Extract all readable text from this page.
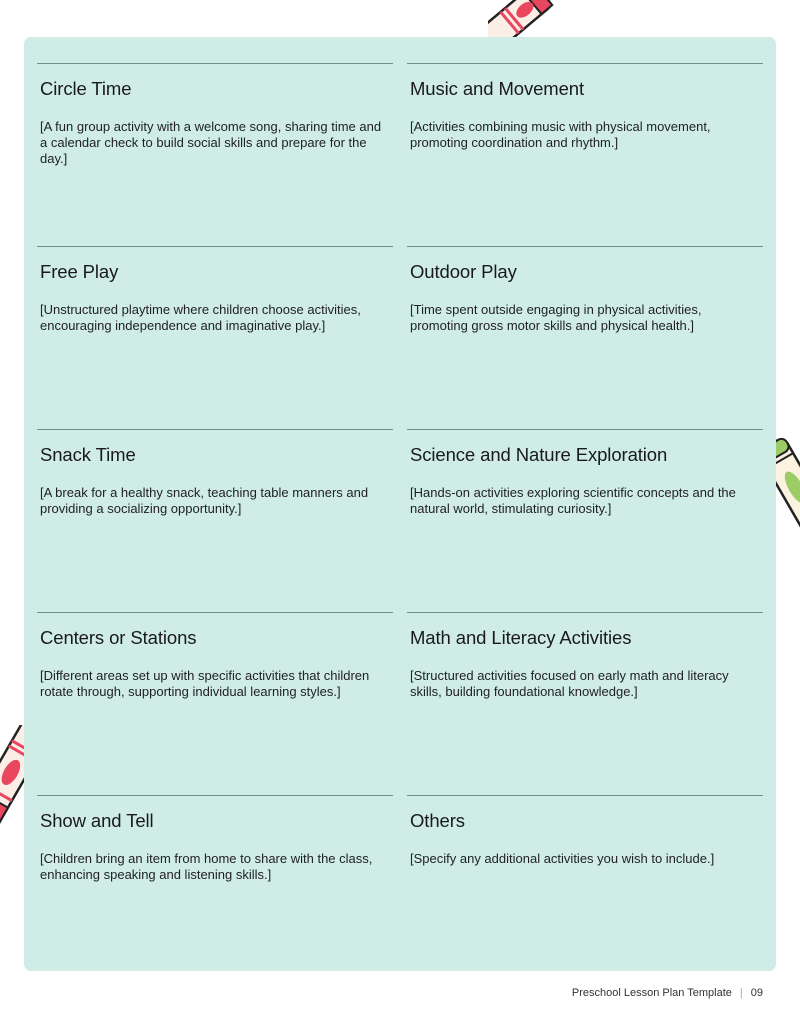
Circle Time

[A fun group activity with a welcome song, sharing time and a calendar check to build social skills and prepare for the day.]

Music and Movement

[Activities combining music with physical movement, promoting coordination and rhythm.]

Free Play

[Unstructured playtime where children choose activities, encouraging independence and imaginative play.]

Outdoor Play

[Time spent outside engaging in physical activities, promoting gross motor skills and physical health.]

Snack Time

[A break for a healthy snack, teaching table manners and providing a socializing opportunity.]

Science and Nature Exploration

[Hands-on activities exploring scientific concepts and the natural world, stimulating curiosity.]

Centers or Stations

[Different areas set up with specific activities that children rotate through, supporting individual learning styles.]

Math and Literacy Activities

[Structured activities focused on early math and literacy skills, building foundational knowledge.]

Show and Tell

[Children bring an item from home to share with the class, enhancing speaking and listening skills.]

Others

[Specify any additional activities you wish to include.]

Preschool Lesson Plan Template | 09
